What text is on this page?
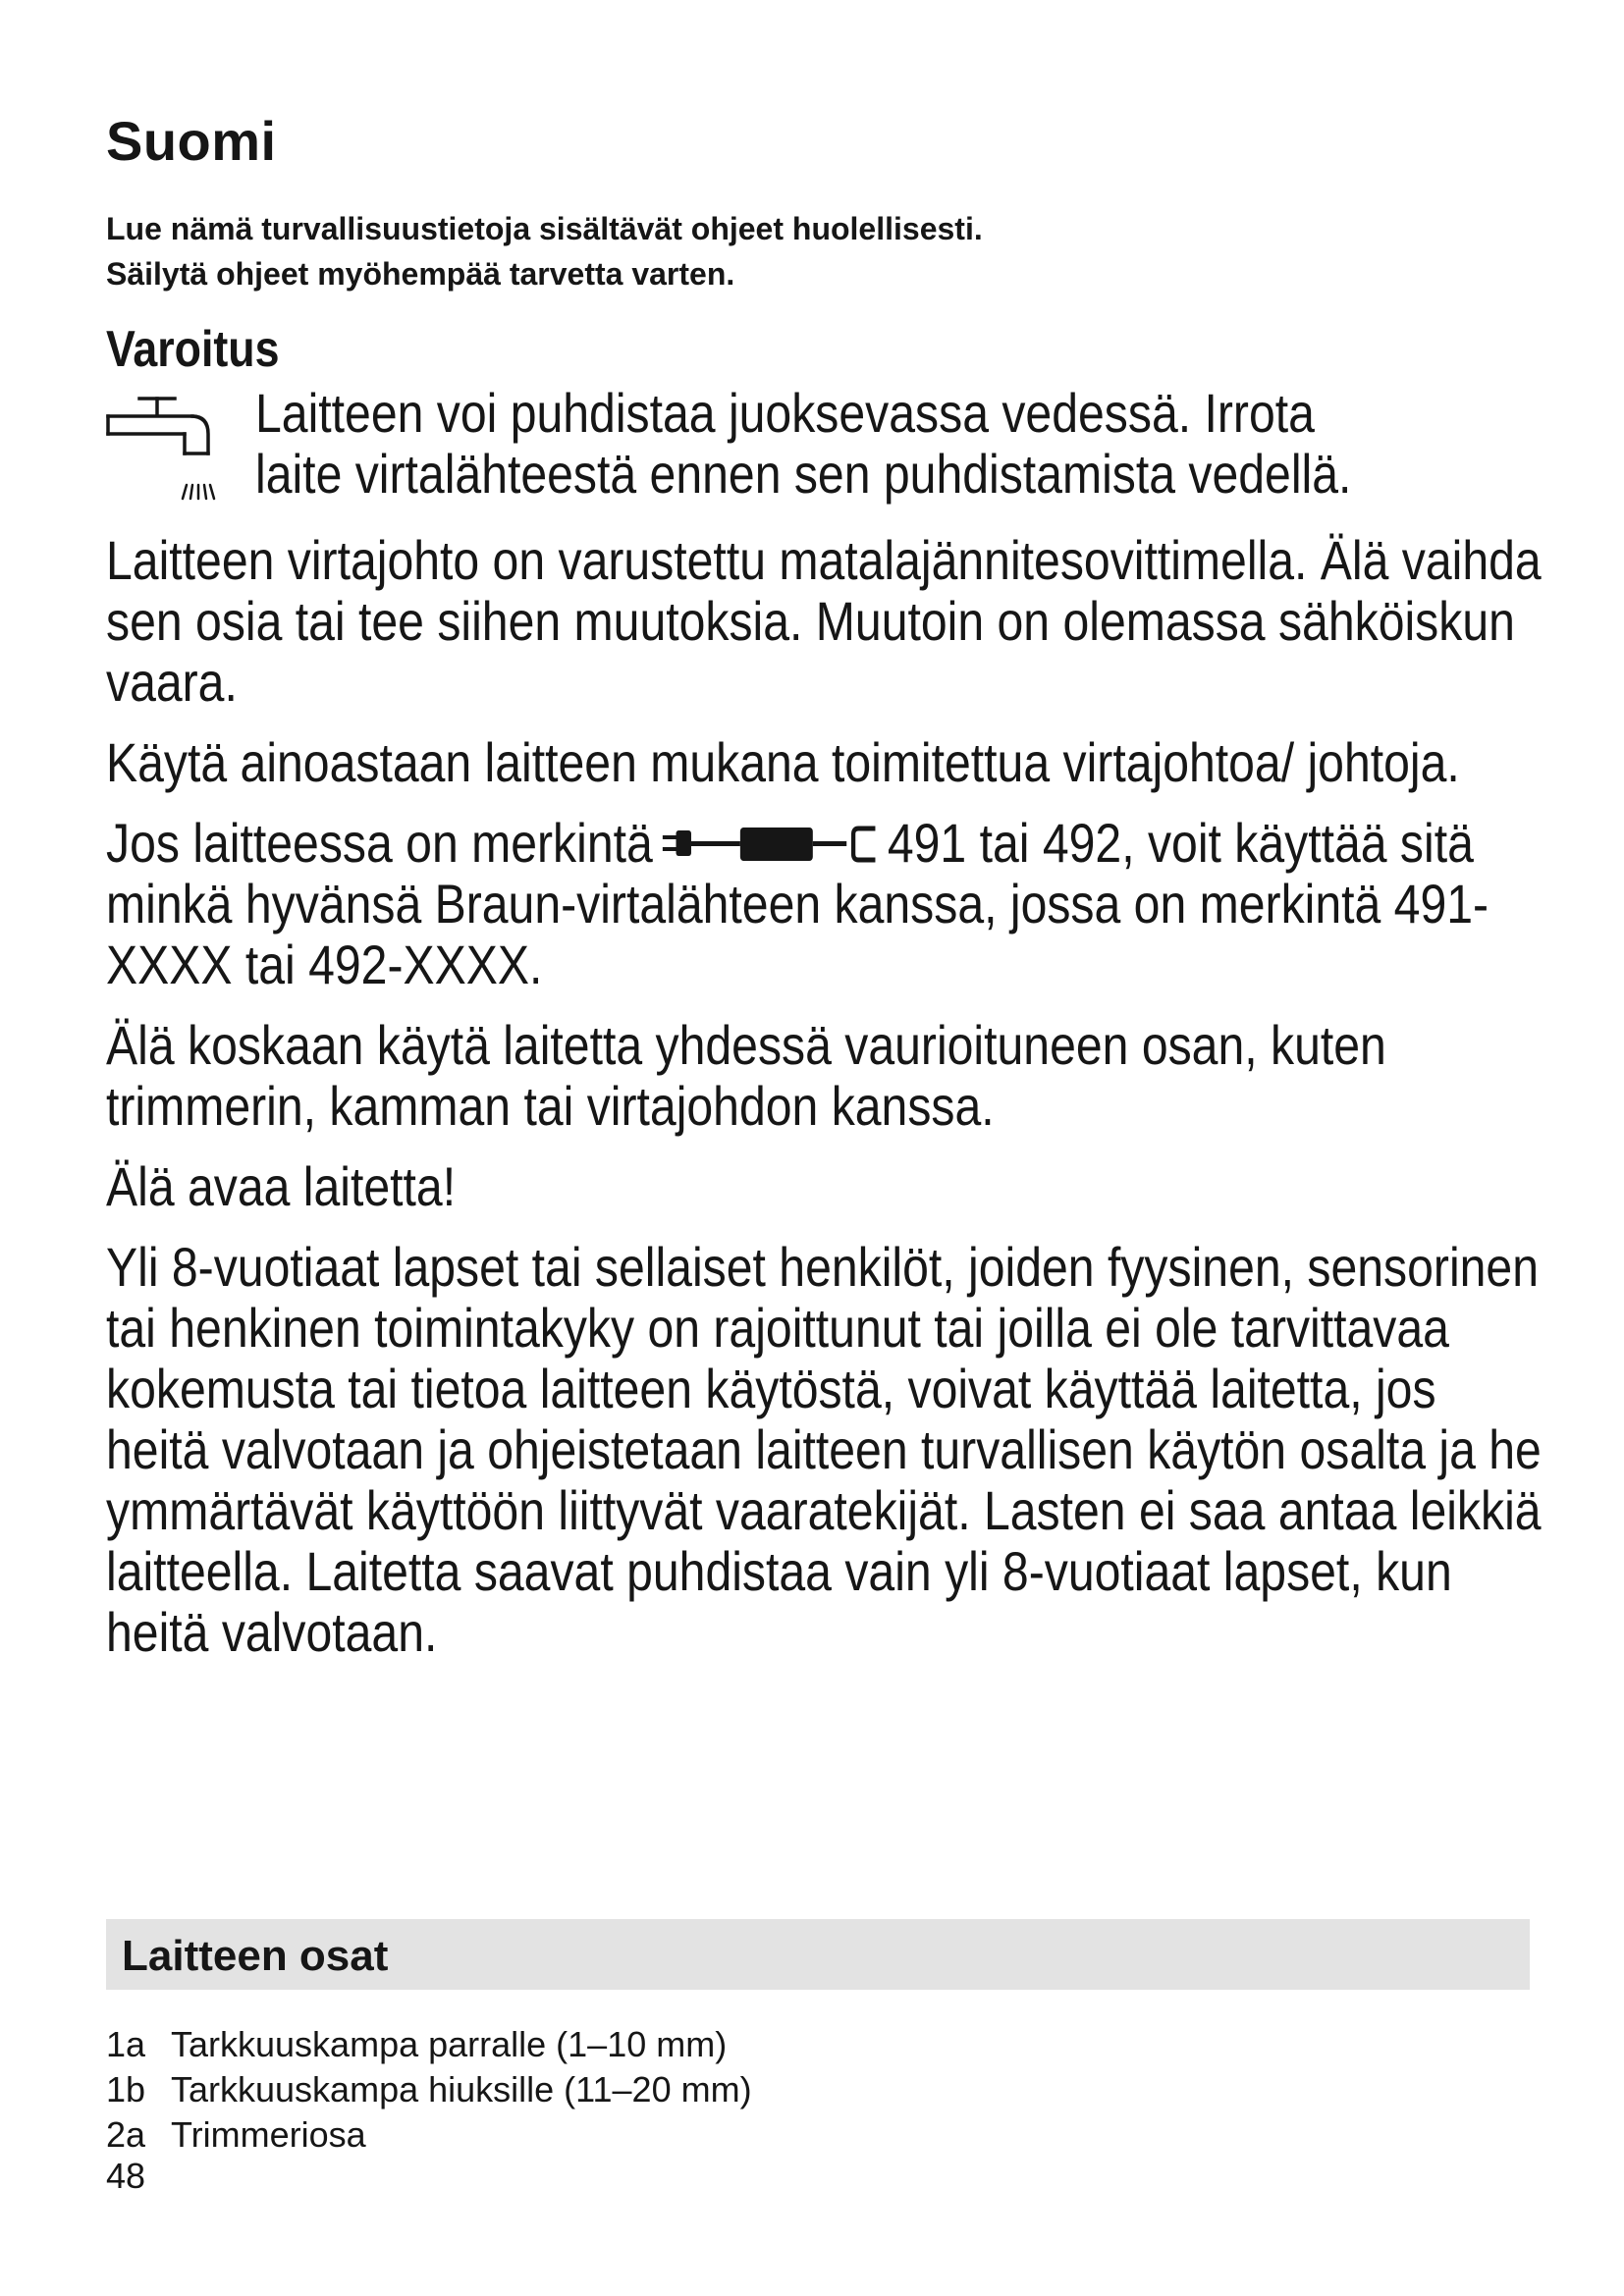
Suomi
Lue nämä turvallisuustietoja sisältävät ohjeet huolellisesti.
Säilytä ohjeet myöhempää tarvetta varten.
Varoitus
Laitteen voi puhdistaa juoksevassa vedessä. Irrota
laite virtalähteestä ennen sen puhdistamista vedellä.

Laitteen virtajohto on varustettu matalajännitesovittimella. Älä vaihda sen osia tai tee siihen muutoksia. Muutoin on olemassa sähköiskun vaara.

Käytä ainoastaan laitteen mukana toimitettua virtajohtoa/ johtoja.

Jos laitteessa on merkintä	491 tai 492, voit käyttää sitä minkä hyvänsä Braun-virtalähteen kanssa, jossa on merkintä 491-XXXX tai 492-XXXX.

Älä koskaan käytä laitetta yhdessä vaurioituneen osan, kuten trimmerin, kamman tai virtajohdon kanssa.

Älä avaa laitetta!

Yli 8-vuotiaat lapset tai sellaiset henkilöt, joiden fyysinen, sensorinen tai henkinen toimintakyky on rajoittunut tai joilla ei ole tarvittavaa kokemusta tai tietoa laitteen käytöstä, voivat käyttää laitetta, jos heitä valvotaan ja ohjeistetaan laitteen turvallisen käytön osalta ja he ymmärtävät käyttöön liittyvät vaaratekijät. Lasten ei saa antaa leikkiä laitteella. Laitetta saavat puhdistaa vain yli 8-vuotiaat lapset, kun heitä valvotaan.

Laitteen osat
1a Tarkkuuskampa parralle (1–10 mm)
1b Tarkkuuskampa hiuksille (11–20 mm)
2a Trimmeriosa
48
